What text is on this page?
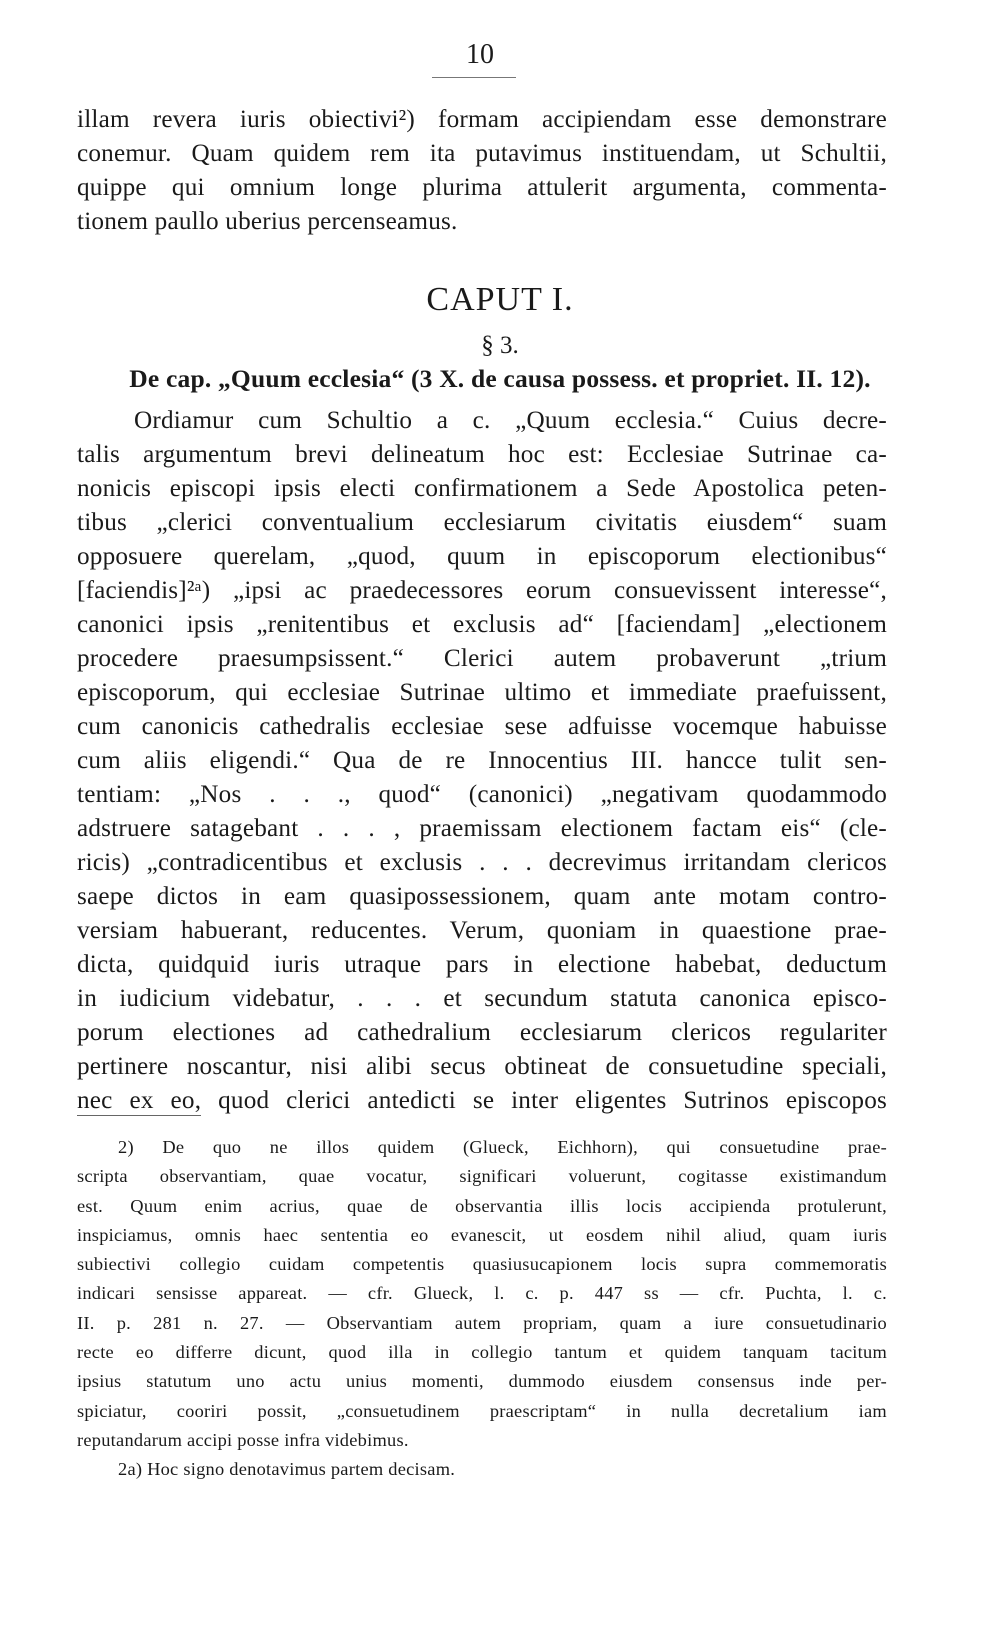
10
illam revera iuris obiectivi²) formam accipiendam esse demonstrare
conemur. Quam quidem rem ita putavimus instituendam, ut Schultii,
quippe qui omnium longe plurima attulerit argumenta, commenta-
tionem paullo uberius percenseamus.
CAPUT I.
§ 3.
De cap. „Quum ecclesia“ (3 X. de causa possess. et propriet. II. 12).
Ordiamur cum Schultio a c. „Quum ecclesia.“ Cuius decre-
talis argumentum brevi delineatum hoc est: Ecclesiae Sutrinae ca-
nonicis episcopi ipsis electi confirmationem a Sede Apostolica peten-
tibus „clerici conventualium ecclesiarum civitatis eiusdem“ suam
opposuere querelam, „quod, quum in episcoporum electionibus“
[faciendis]²ᵃ) „ipsi ac praedecessores eorum consuevissent interesse“,
canonici ipsis „renitentibus et exclusis ad“ [faciendam] „electionem
procedere praesumpsissent.“ Clerici autem probaverunt „trium
episcoporum, qui ecclesiae Sutrinae ultimo et immediate praefuissent,
cum canonicis cathedralis ecclesiae sese adfuisse vocemque habuisse
cum aliis eligendi.“ Qua de re Innocentius III. hancce tulit sen-
tentiam: „Nos . . ., quod“ (canonici) „negativam quodammodo
adstruere satagebant . . . , praemissam electionem factam eis“ (cle-
ricis) „contradicentibus et exclusis . . . decrevimus irritandam clericos
saepe dictos in eam quasipossessionem, quam ante motam contro-
versiam habuerant, reducentes. Verum, quoniam in quaestione prae-
dicta, quidquid iuris utraque pars in electione habebat, deductum
in iudicium videbatur, . . . et secundum statuta canonica episco-
porum electiones ad cathedralium ecclesiarum clericos regulariter
pertinere noscantur, nisi alibi secus obtineat de consuetudine speciali,
nec ex eo, quod clerici antedicti se inter eligentes Sutrinos episcopos
2) De quo ne illos quidem (Glueck, Eichhorn), qui consuetudine prae-
scripta observantiam, quae vocatur, significari voluerunt, cogitasse existimandum
est. Quum enim acrius, quae de observantia illis locis accipienda protulerunt,
inspiciamus, omnis haec sententia eo evanescit, ut eosdem nihil aliud, quam iuris
subiectivi collegio cuidam competentis quasiusucapionem locis supra commemoratis
indicari sensisse appareat. — cfr. Glueck, l. c. p. 447 ss — cfr. Puchta, l. c.
II. p. 281 n. 27. — Observantiam autem propriam, quam a iure consuetudinario
recte eo differre dicunt, quod illa in collegio tantum et quidem tanquam tacitum
ipsius statutum uno actu unius momenti, dummodo eiusdem consensus inde per-
spiciatur, cooriri possit, „consuetudinem praescriptam“ in nulla decretalium iam
reputandarum accipi posse infra videbimus.
2a) Hoc signo denotavimus partem decisam.
